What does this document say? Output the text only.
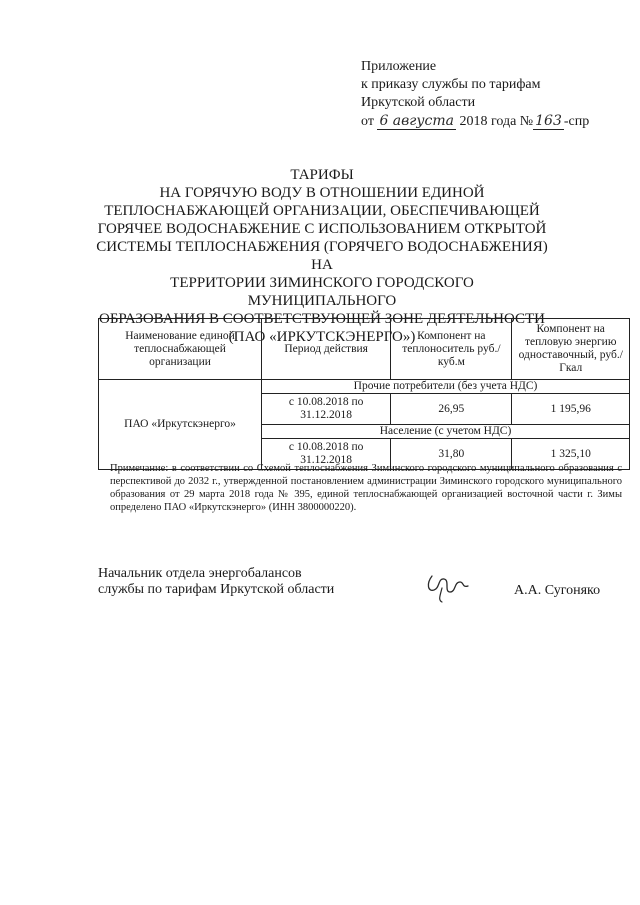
Приложение
к приказу службы по тарифам
Иркутской области
от 6 августа 2018 года № 163 -спр
ТАРИФЫ
НА ГОРЯЧУЮ ВОДУ В ОТНОШЕНИИ ЕДИНОЙ
ТЕПЛОСНАБЖАЮЩЕЙ ОРГАНИЗАЦИИ, ОБЕСПЕЧИВАЮЩЕЙ
ГОРЯЧЕЕ ВОДОСНАБЖЕНИЕ С ИСПОЛЬЗОВАНИЕМ ОТКРЫТОЙ
СИСТЕМЫ ТЕПЛОСНАБЖЕНИЯ (ГОРЯЧЕГО ВОДОСНАБЖЕНИЯ) НА
ТЕРРИТОРИИ ЗИМИНСКОГО ГОРОДСКОГО МУНИЦИПАЛЬНОГО
ОБРАЗОВАНИЯ В СООТВЕТСТВУЮЩЕЙ ЗОНЕ ДЕЯТЕЛЬНОСТИ
(ПАО «ИРКУТСКЭНЕРГО»)
Наименование единой теплоснабжающей организации	Период действия	Компонент на теплоноситель руб./куб.м	Компонент на тепловую энергию одноставочный, руб./Гкал
ПАО «Иркутскэнерго»	Прочие потребители (без учета НДС)		
	с 10.08.2018 по 31.12.2018	26,95	1 195,96
	Население (с учетом НДС)		
	с 10.08.2018 по 31.12.2018	31,80	1 325,10
Примечание: в соответствии со Схемой теплоснабжения Зиминского городского муниципального образования с перспективой до 2032 г., утвержденной постановлением администрации Зиминского городского муниципального образования от 29 марта 2018 года № 395, единой теплоснабжающей организацией восточной части г. Зимы определено ПАО «Иркутскэнерго» (ИНН 3800000220).
Начальник отдела энергобалансов
службы по тарифам Иркутской области	А.А. Сугоняко
